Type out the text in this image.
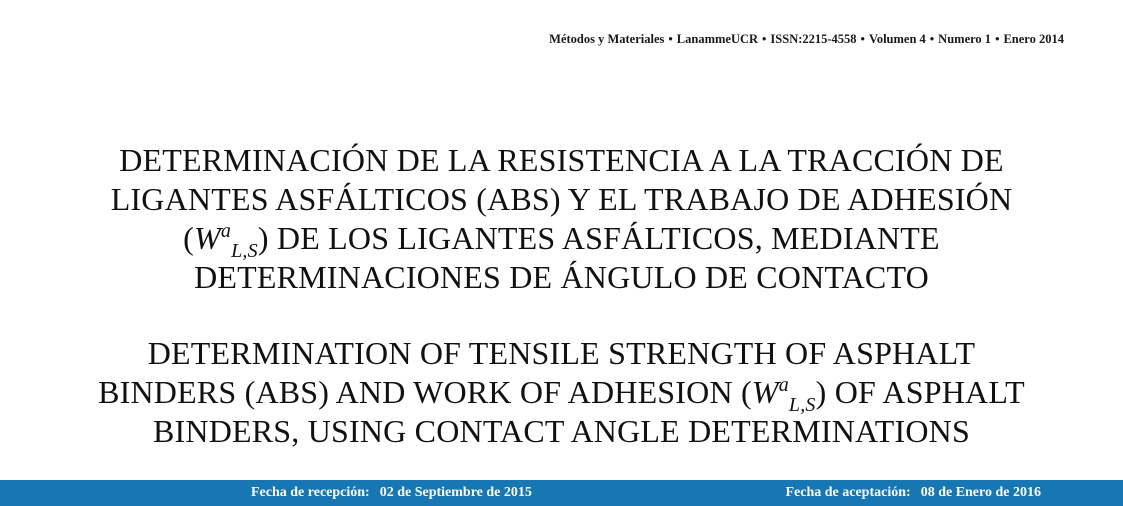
Métodos y Materiales • LanammeUCR • ISSN:2215-4558 • Volumen 4 • Numero 1 • Enero 2014
DETERMINACIÓN DE LA RESISTENCIA A LA TRACCIÓN DE
LIGANTES ASFÁLTICOS (ABS) Y EL TRABAJO DE ADHESIÓN
$(W^a_{L,S})$ DE LOS LIGANTES ASFÁLTICOS, MEDIANTE
DETERMINACIONES DE ÁNGULO DE CONTACTO
DETERMINATION OF TENSILE STRENGTH OF ASPHALT
BINDERS (ABS) AND WORK OF ADHESION $(W^a_{L,S})$ OF ASPHALT
BINDERS, USING CONTACT ANGLE DETERMINATIONS
Fecha de recepción: 02 de Septiembre de 2015	Fecha de aceptación: 08 de Enero de 2016
